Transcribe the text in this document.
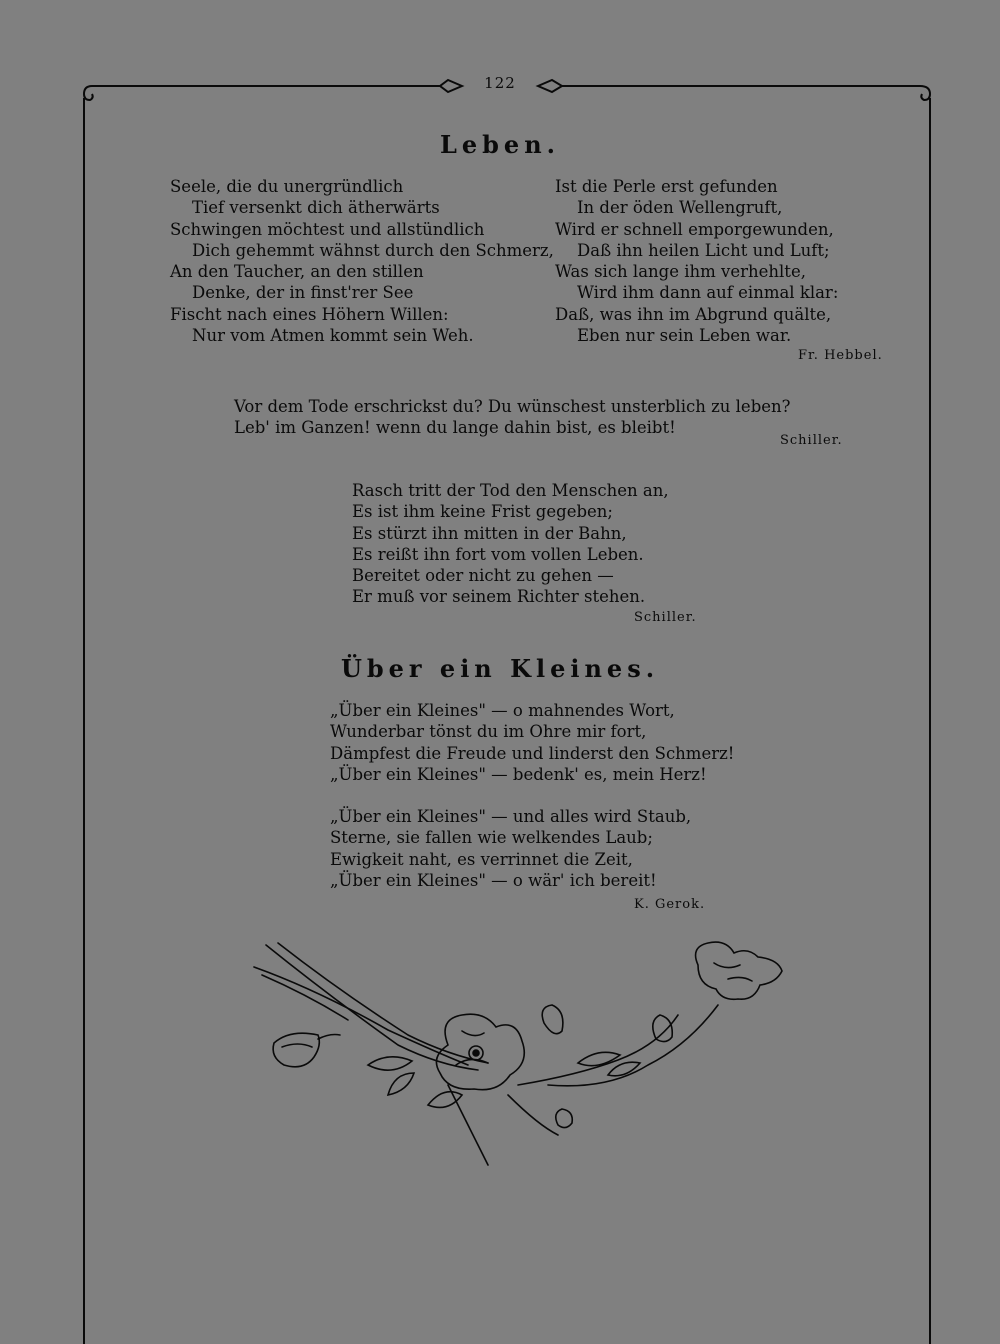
122
Leben.
Seele, die du unergründlich
Tief versenkt dich ätherwärts
Schwingen möchtest und allstündlich
Dich gehemmt wähnst durch den Schmerz,
An den Taucher, an den stillen
Denke, der in finst'rer See
Fischt nach eines Höhern Willen:
Nur vom Atmen kommt sein Weh.
Ist die Perle erst gefunden
In der öden Wellengruft,
Wird er schnell emporgewunden,
Daß ihn heilen Licht und Luft;
Was sich lange ihm verhehlte,
Wird ihm dann auf einmal klar:
Daß, was ihn im Abgrund quälte,
Eben nur sein Leben war.
Fr. Hebbel.
Vor dem Tode erschrickst du? Du wünschest unsterblich zu leben?
Leb' im Ganzen! wenn du lange dahin bist, es bleibt!
Schiller.
Rasch tritt der Tod den Menschen an,
Es ist ihm keine Frist gegeben;
Es stürzt ihn mitten in der Bahn,
Es reißt ihn fort vom vollen Leben.
Bereitet oder nicht zu gehen —
Er muß vor seinem Richter stehen.
Schiller.
Über ein Kleines.
„Über ein Kleines" — o mahnendes Wort,
Wunderbar tönst du im Ohre mir fort,
Dämpfest die Freude und linderst den Schmerz!
„Über ein Kleines" — bedenk' es, mein Herz!
„Über ein Kleines" — und alles wird Staub,
Sterne, sie fallen wie welkendes Laub;
Ewigkeit naht, es verrinnet die Zeit,
„Über ein Kleines" — o wär' ich bereit!
K. Gerok.
